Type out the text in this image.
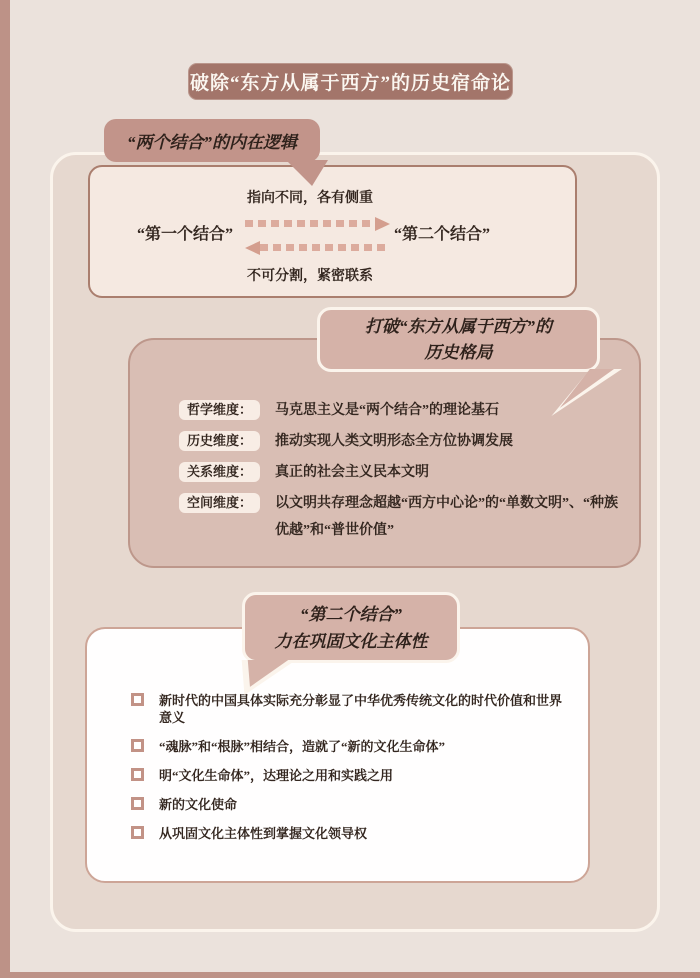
破除“东方从属于西方”的历史宿命论
“两个结合”的内在逻辑
指向不同，各有侧重
“第一个结合”	“第二个结合”
不可分割，紧密联系
哲学维度：	马克思主义是“两个结合”的理论基石
历史维度：	推动实现人类文明形态全方位协调发展
关系维度：	真正的社会主义民本文明
空间维度：	以文明共存理念超越“西方中心论”的“单数文明”、“种族优越”和“普世价值”
打破“东方从属于西方”的
历史格局
新时代的中国具体实际充分彰显了中华优秀传统文化的时代价值和世界意义
“魂脉”和“根脉”相结合，造就了“新的文化生命体”
明“文化生命体”，达理论之用和实践之用
新的文化使命
从巩固文化主体性到掌握文化领导权
“第二个结合”
力在巩固文化主体性
